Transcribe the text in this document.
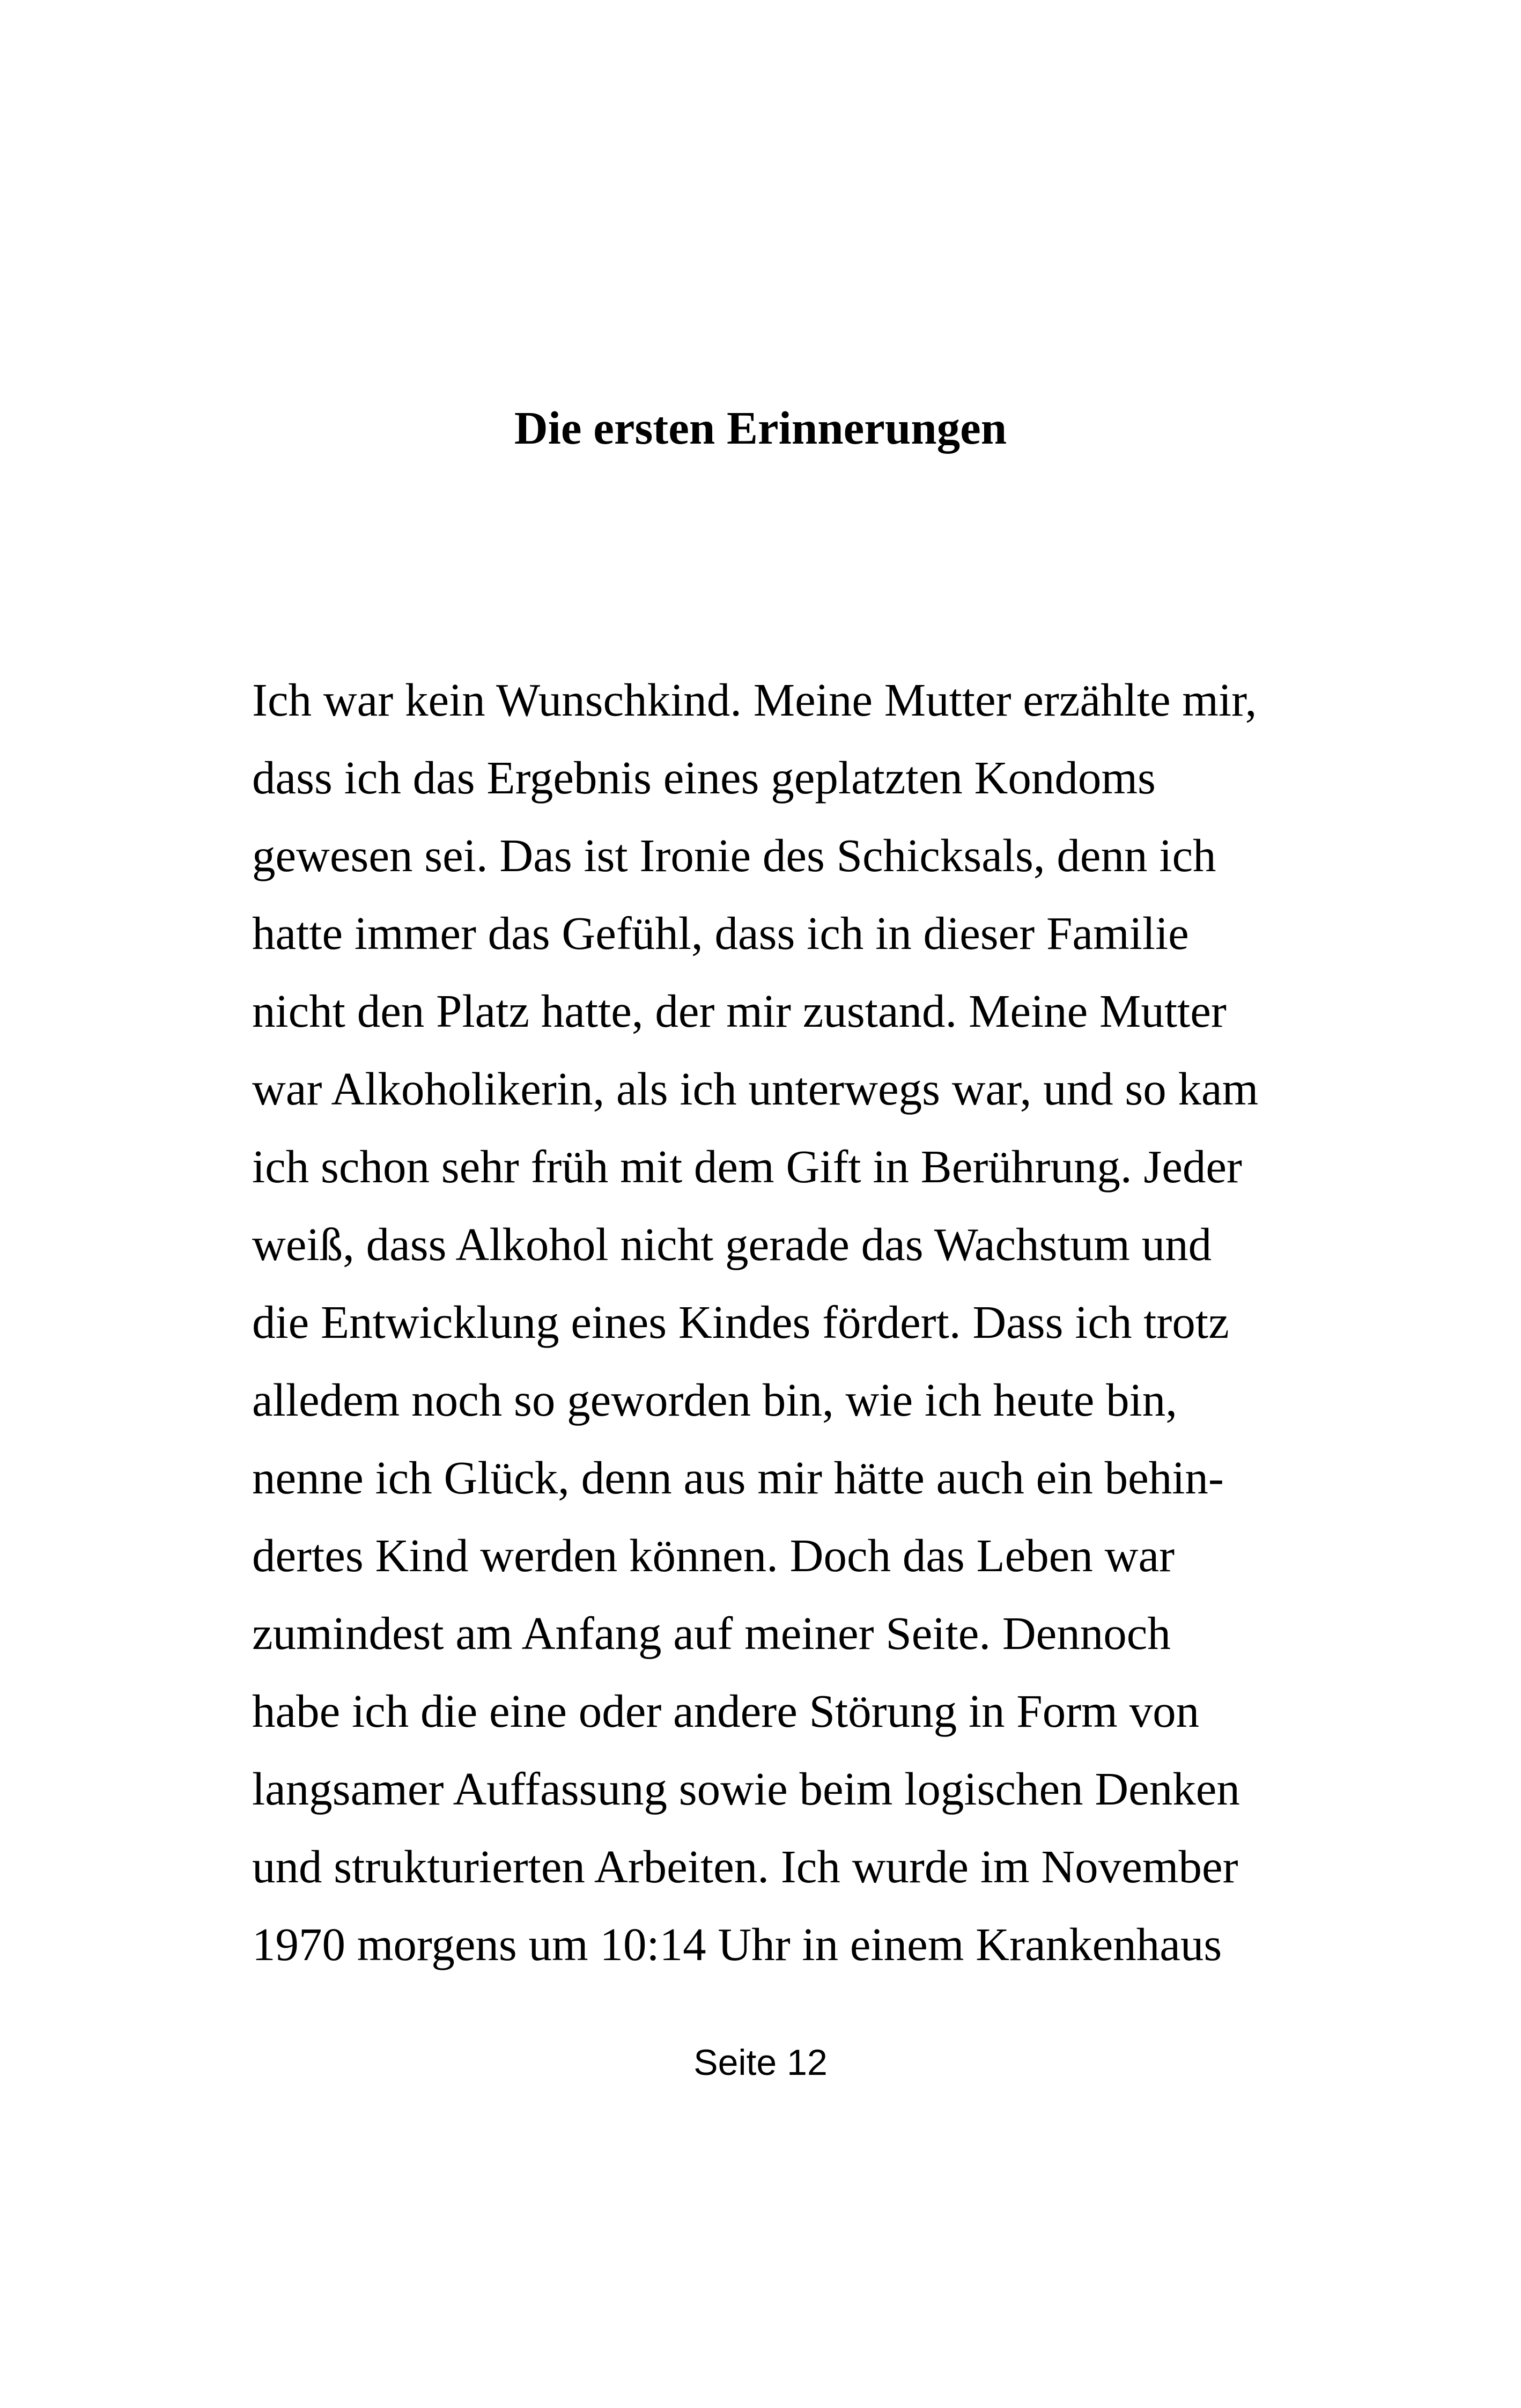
Die ersten Erinnerungen
Ich war kein Wunschkind. Meine Mutter erzählte mir,
dass ich das Ergebnis eines geplatzten Kondoms
gewesen sei. Das ist Ironie des Schicksals, denn ich
hatte immer das Gefühl, dass ich in dieser Familie
nicht den Platz hatte, der mir zustand. Meine Mutter
war Alkoholikerin, als ich unterwegs war, und so kam
ich schon sehr früh mit dem Gift in Berührung. Jeder
weiß, dass Alkohol nicht gerade das Wachstum und
die Entwicklung eines Kindes fördert. Dass ich trotz
alledem noch so geworden bin, wie ich heute bin,
nenne ich Glück, denn aus mir hätte auch ein behin-
dertes Kind werden können. Doch das Leben war
zumindest am Anfang auf meiner Seite. Dennoch
habe ich die eine oder andere Störung in Form von
langsamer Auffassung sowie beim logischen Denken
und strukturierten Arbeiten. Ich wurde im November
1970 morgens um 10:14 Uhr in einem Krankenhaus
Seite 12
